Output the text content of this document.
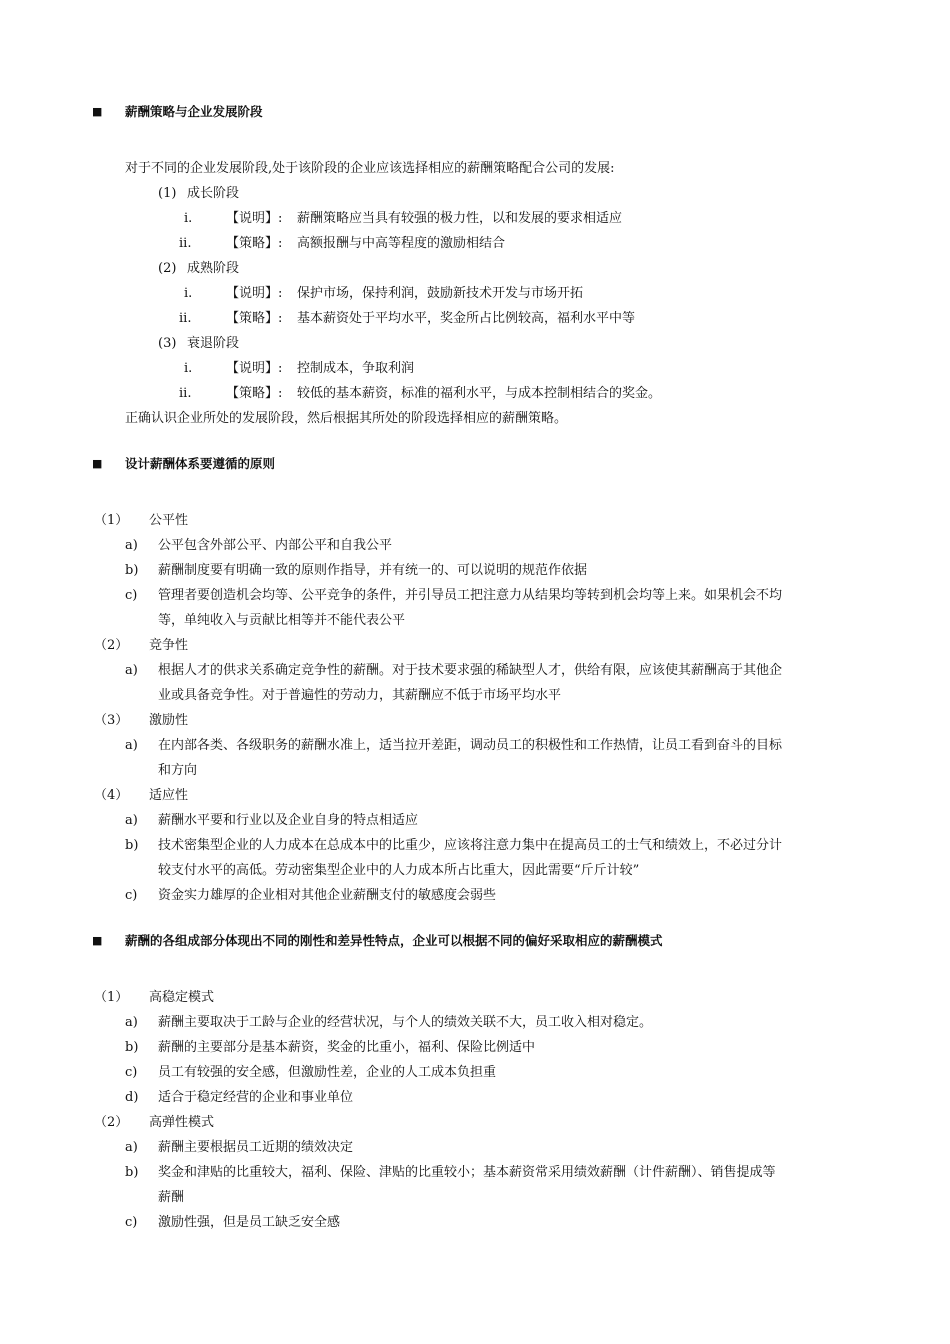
■ 薪酬策略与企业发展阶段
对于不同的企业发展阶段,处于该阶段的企业应该选择相应的薪酬策略配合公司的发展:
(1) 成长阶段
i.	【说明】: 薪酬策略应当具有较强的极力性，以和发展的要求相适应
ii.	【策略】: 高额报酬与中高等程度的激励相结合
(2) 成熟阶段
i.	【说明】: 保护市场，保持利润，鼓励新技术开发与市场开拓
ii.	【策略】: 基本薪资处于平均水平，奖金所占比例较高，福利水平中等
(3) 衰退阶段
i.	【说明】: 控制成本，争取利润
ii.	【策略】: 较低的基本薪资，标准的福利水平，与成本控制相结合的奖金。
正确认识企业所处的发展阶段，然后根据其所处的阶段选择相应的薪酬策略。
■ 设计薪酬体系要遵循的原则
（1） 公平性
a) 公平包含外部公平、内部公平和自我公平
b) 薪酬制度要有明确一致的原则作指导，并有统一的、可以说明的规范作依据
c) 管理者要创造机会均等、公平竞争的条件，并引导员工把注意力从结果均等转到机会均等上来。如果机会不均
等，单纯收入与贡献比相等并不能代表公平
（2） 竞争性
a) 根据人才的供求关系确定竞争性的薪酬。对于技术要求强的稀缺型人才，供给有限，应该使其薪酬高于其他企
业或具备竞争性。对于普遍性的劳动力，其薪酬应不低于市场平均水平
（3） 激励性
a) 在内部各类、各级职务的薪酬水准上，适当拉开差距，调动员工的积极性和工作热情，让员工看到奋斗的目标
和方向
（4） 适应性
a) 薪酬水平要和行业以及企业自身的特点相适应
b) 技术密集型企业的人力成本在总成本中的比重少，应该将注意力集中在提高员工的士气和绩效上，不必过分计
较支付水平的高低。劳动密集型企业中的人力成本所占比重大，因此需要“斤斤计较”
c) 资金实力雄厚的企业相对其他企业薪酬支付的敏感度会弱些
■ 薪酬的各组成部分体现出不同的刚性和差异性特点，企业可以根据不同的偏好采取相应的薪酬模式
（1） 高稳定模式
a) 薪酬主要取决于工龄与企业的经营状况，与个人的绩效关联不大，员工收入相对稳定。
b) 薪酬的主要部分是基本薪资，奖金的比重小，福利、保险比例适中
c) 员工有较强的安全感，但激励性差，企业的人工成本负担重
d) 适合于稳定经营的企业和事业单位
（2） 高弹性模式
a) 薪酬主要根据员工近期的绩效决定
b) 奖金和津贴的比重较大，福利、保险、津贴的比重较小；基本薪资常采用绩效薪酬（计件薪酬）、销售提成等
薪酬
c) 激励性强，但是员工缺乏安全感
